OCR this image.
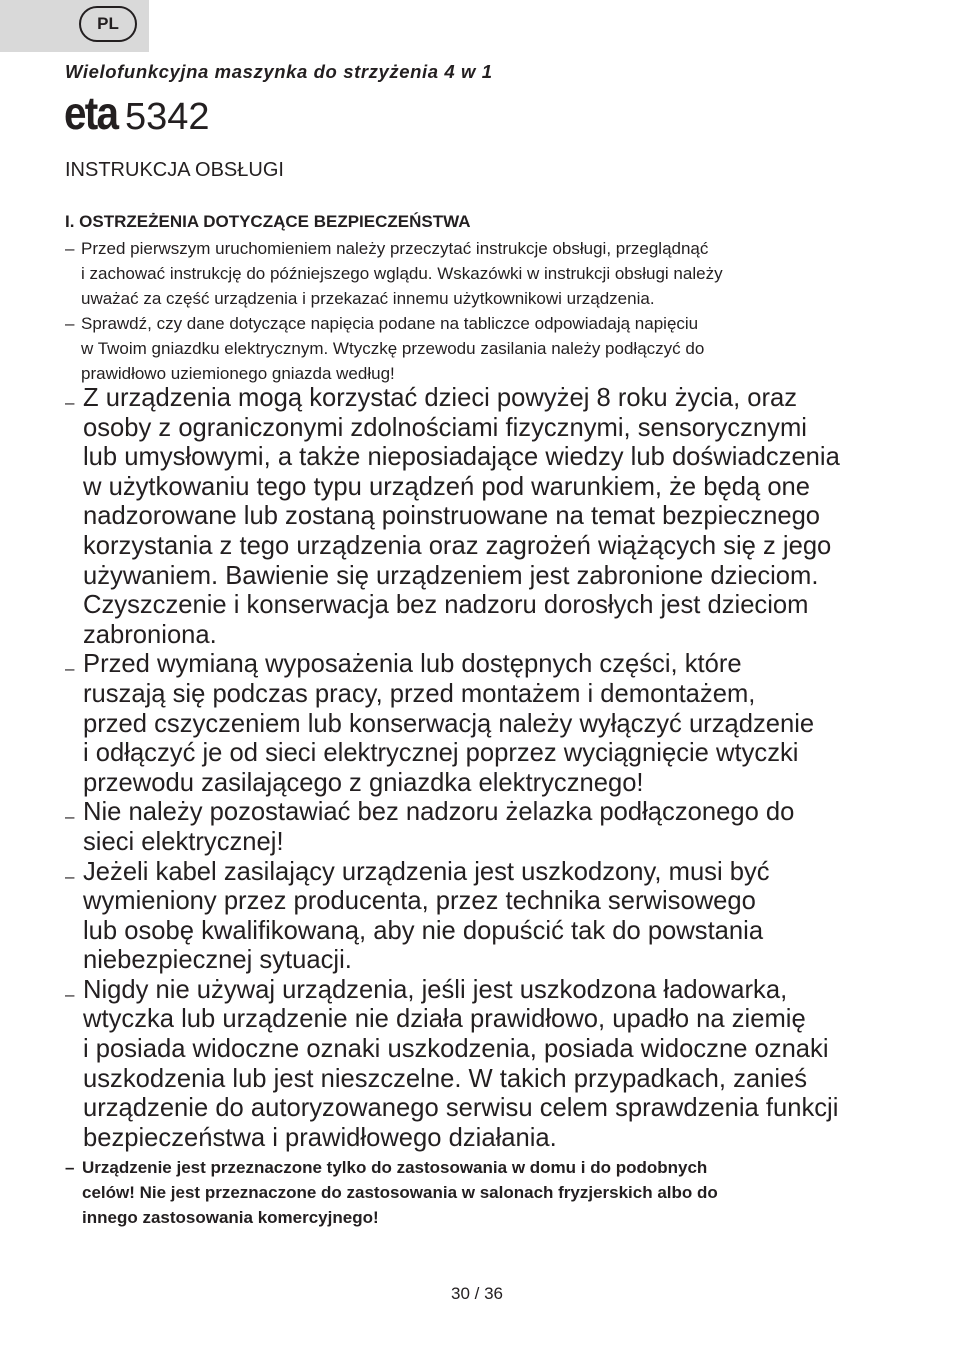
PL
Wielofunkcyjna maszynka do strzyżenia 4 w 1
eta 5342
INSTRUKCJA OBSŁUGI
I. OSTRZEŻENIA DOTYCZĄCE BEZPIECZEŃSTWA
– Przed pierwszym uruchomieniem należy przeczytać instrukcje obsługi, przeglądnąć
i zachować instrukcję do późniejszego wglądu. Wskazówki w instrukcji obsługi należy
uważać za część urządzenia i przekazać innemu użytkownikowi urządzenia.
– Sprawdź, czy dane dotyczące napięcia podane na tabliczce odpowiadają napięciu
w Twoim gniazdku elektrycznym. Wtyczkę przewodu zasilania należy podłączyć do
prawidłowo uziemionego gniazda według!
– Z urządzenia mogą korzystać dzieci powyżej 8 roku życia, oraz
osoby z ograniczonymi zdolnościami fizycznymi, sensorycznymi
lub umysłowymi, a także nieposiadające wiedzy lub doświadczenia
w użytkowaniu tego typu urządzeń pod warunkiem, że będą one
nadzorowane lub zostaną poinstruowane na temat bezpiecznego
korzystania z tego urządzenia oraz zagrożeń wiążących się z jego
używaniem. Bawienie się urządzeniem jest zabronione dzieciom.
Czyszczenie i konserwacja bez nadzoru dorosłych jest dzieciom
zabroniona.
– Przed wymianą wyposażenia lub dostępnych części, które
ruszają się podczas pracy, przed montażem i demontażem,
przed cszyczeniem lub konserwacją należy wyłączyć urządzenie
i odłączyć je od sieci elektrycznej poprzez wyciągnięcie wtyczki
przewodu zasilającego z gniazdka elektrycznego!
– Nie należy pozostawiać bez nadzoru żelazka podłączonego do
sieci elektrycznej!
– Jeżeli kabel zasilający urządzenia jest uszkodzony, musi być
wymieniony przez producenta, przez technika serwisowego
lub osobę kwalifikowaną, aby nie dopuścić tak do powstania
niebezpiecznej sytuacji.
– Nigdy nie używaj urządzenia, jeśli jest uszkodzona ładowarka,
wtyczka lub urządzenie nie działa prawidłowo, upadło na ziemię
i posiada widoczne oznaki uszkodzenia, posiada widoczne oznaki
uszkodzenia lub jest nieszczelne. W takich przypadkach, zanieś
urządzenie do autoryzowanego serwisu celem sprawdzenia funkcji
bezpieczeństwa i prawidłowego działania.
– Urządzenie jest przeznaczone tylko do zastosowania w domu i do podobnych
celów! Nie jest przeznaczone do zastosowania w salonach fryzjerskich albo do
innego zastosowania komercyjnego!
30 / 36
